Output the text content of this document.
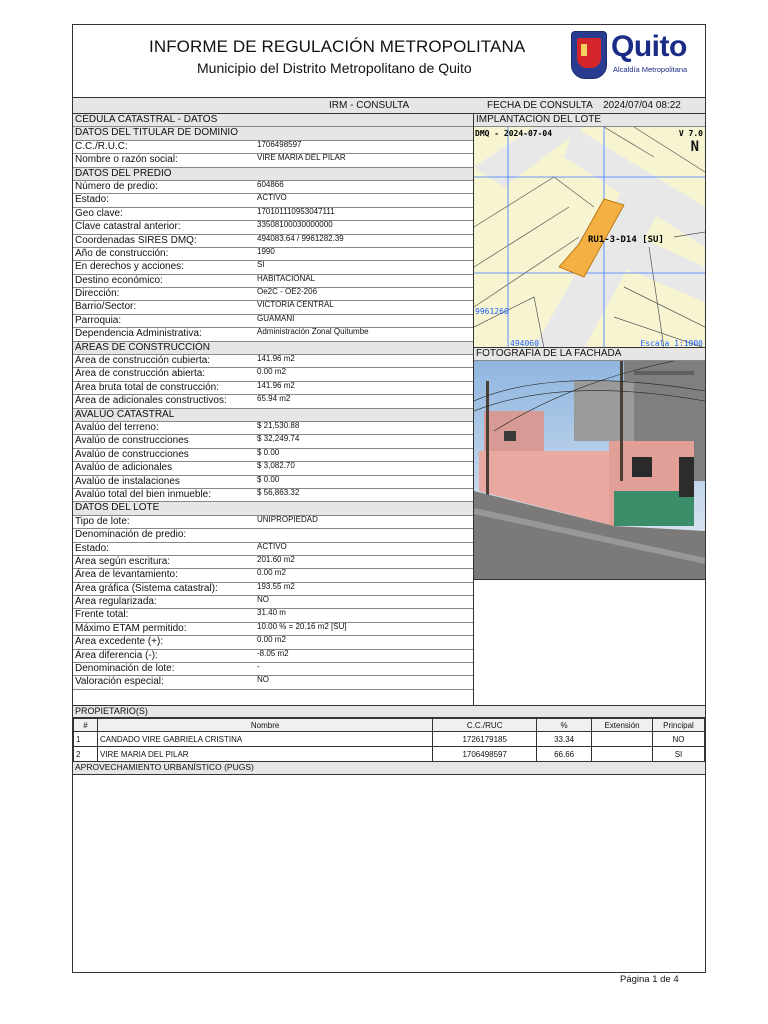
INFORME DE REGULACIÓN METROPOLITANA
Municipio del Distrito Metropolitano de Quito
Quito
Alcaldía Metropolitana
IRM - CONSULTA	FECHA DE CONSULTA 2024/07/04 08:22
CÉDULA CATASTRAL - DATOS
DATOS DEL TITULAR DE DOMINIO
C.C./R.U.C:	1706498597
Nombre o razón social:	VIRE MARIA DEL PILAR
DATOS DEL PREDIO
Número de predio:	604866
Estado:	ACTIVO
Geo clave:	170101110953047111
Clave catastral anterior:	33508100030000000
Coordenadas SIRES DMQ:	494083.64 / 9961282.39
Año de construcción:	1990
En derechos y acciones:	SI
Destino económico:	HABITACIONAL
Dirección:	Oe2C - OE2-206
Barrio/Sector:	VICTORIA CENTRAL
Parroquia:	GUAMANI
Dependencia Administrativa:	Administración Zonal Quitumbe
ÁREAS DE CONSTRUCCIÓN
Área de construcción cubierta:	141.96 m2
Área de construcción abierta:	0.00 m2
Área bruta total de construcción:	141.96 m2
Área de adicionales constructivos:	65.94 m2
AVALÚO CATASTRAL
Avalúo del terreno:	$ 21,530.88
Avalúo de construcciones	$ 32,249.74
Avalúo de construcciones	$ 0.00
Avalúo de adicionales	$ 3,082.70
Avalúo de instalaciones	$ 0.00
Avalúo total del bien inmueble:	$ 56,863.32
DATOS DEL LOTE
Tipo de lote:	UNIPROPIEDAD
Denominación de predio:
Estado:	ACTIVO
Área según escritura:	201.60 m2
Área de levantamiento:	0.00 m2
Área gráfica (Sistema catastral):	193.55 m2
Área regularizada:	NO
Frente total:	31.40 m
Máximo ETAM permitido:	10.00 % = 20.16 m2 [SU]
Área excedente (+):	0.00 m2
Área diferencia (-):	-8.05 m2
Denominación de lote:	-
Valoración especial:	NO
IMPLANTACIÓN DEL LOTE
DMQ - 2024-07-04	V 7.0
N
RU1-3-D14 [SU]
9961260
494060	Escala 1:1000
FOTOGRAFÍA DE LA FACHADA
PROPIETARIO(S)
#	Nombre	C.C./RUC	%	Extensión	Principal
1	CANDADO VIRE GABRIELA CRISTINA	1726179185	33.34		NO
2	VIRE MARIA DEL PILAR	1706498597	66.66		SI
APROVECHAMIENTO URBANÍSTICO (PUGS)
Página 1 de 4
